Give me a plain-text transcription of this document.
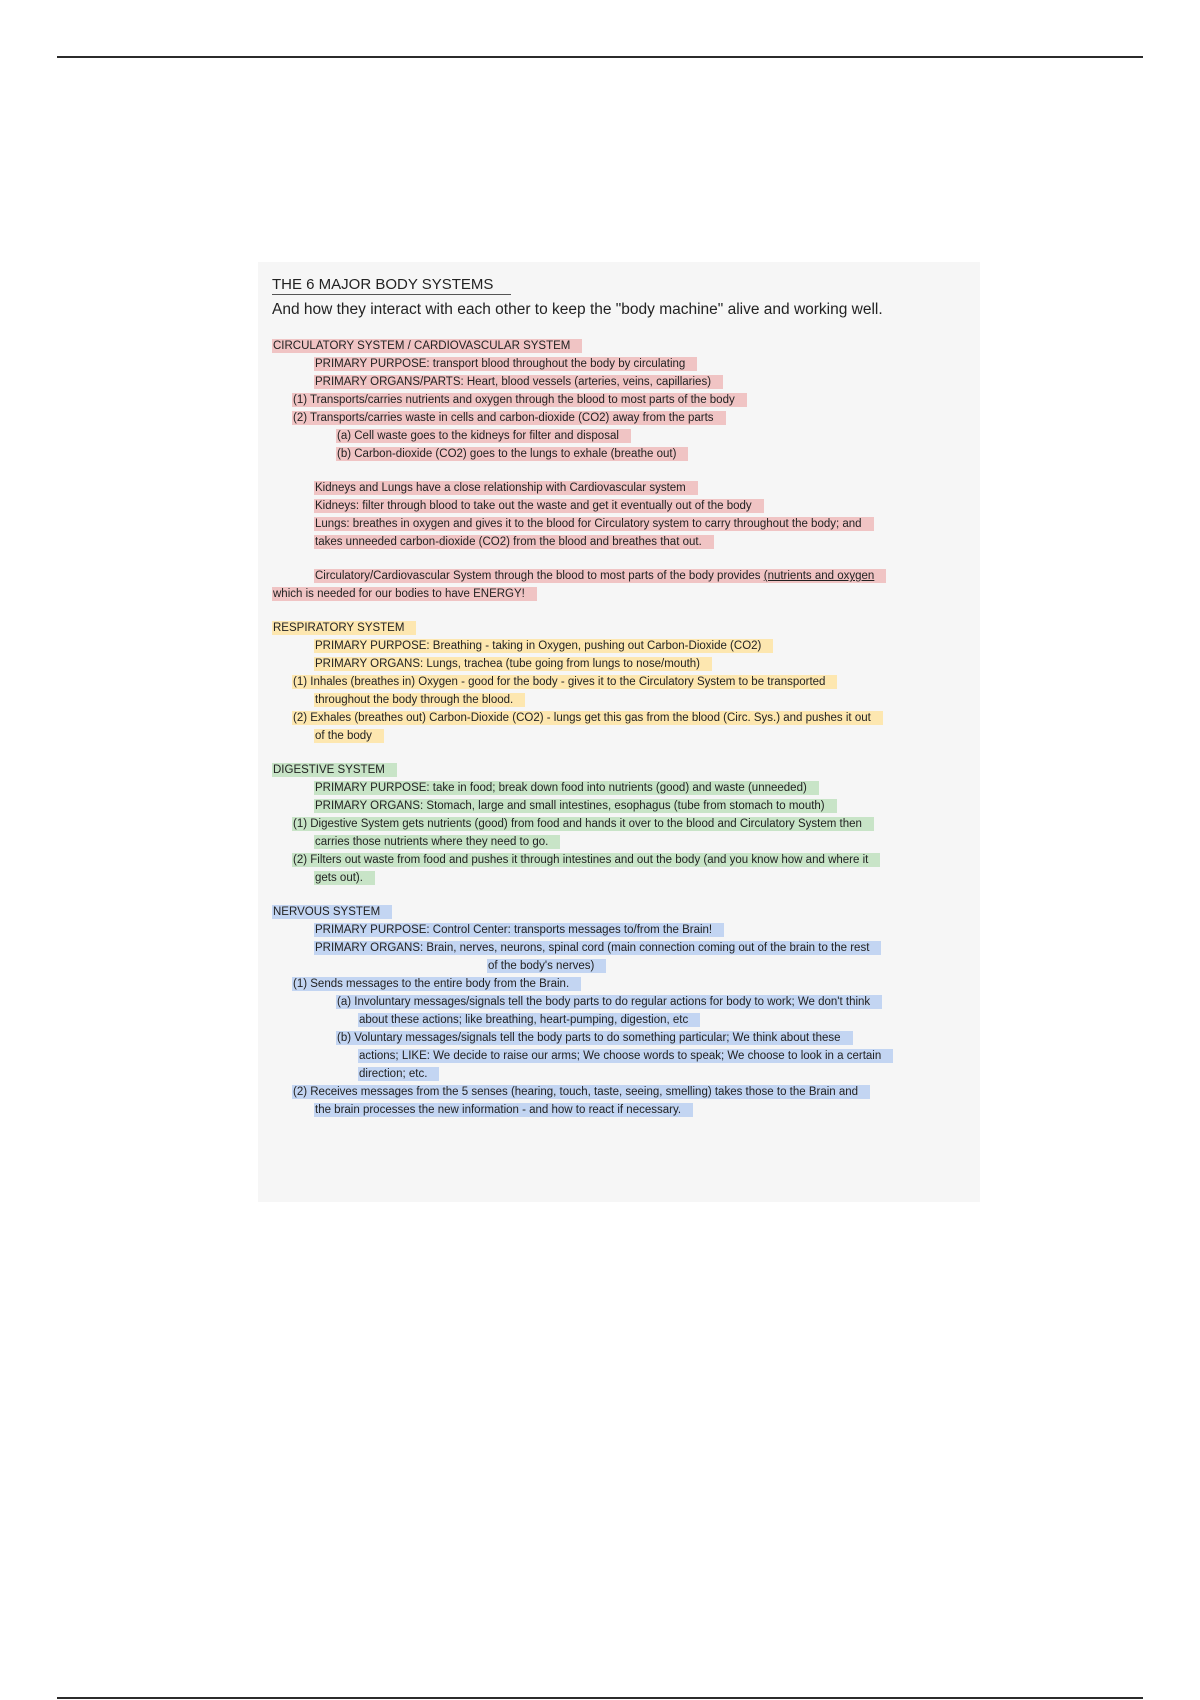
THE 6 MAJOR BODY SYSTEMS
And how they interact with each other to keep the "body machine" alive and working well.
CIRCULATORY SYSTEM / CARDIOVASCULAR SYSTEM
PRIMARY PURPOSE: transport blood throughout the body by circulating
PRIMARY ORGANS/PARTS: Heart, blood vessels (arteries, veins, capillaries)
(1) Transports/carries nutrients and oxygen through the blood to most parts of the body
(2) Transports/carries waste in cells and carbon-dioxide (CO2) away from the parts
(a) Cell waste goes to the kidneys for filter and disposal
(b) Carbon-dioxide (CO2) goes to the lungs to exhale (breathe out)
Kidneys and Lungs have a close relationship with Cardiovascular system
Kidneys: filter through blood to take out the waste and get it eventually out of the body
Lungs: breathes in oxygen and gives it to the blood for Circulatory system to carry throughout the body; and
takes unneeded carbon-dioxide (CO2) from the blood and breathes that out.
Circulatory/Cardiovascular System through the blood to most parts of the body provides (nutrients and oxygen
which is needed for our bodies to have ENERGY!
RESPIRATORY SYSTEM
PRIMARY PURPOSE: Breathing - taking in Oxygen, pushing out Carbon-Dioxide (CO2)
PRIMARY ORGANS: Lungs, trachea (tube going from lungs to nose/mouth)
(1) Inhales (breathes in) Oxygen - good for the body - gives it to the Circulatory System to be transported
throughout the body through the blood.
(2) Exhales (breathes out) Carbon-Dioxide (CO2) - lungs get this gas from the blood (Circ. Sys.) and pushes it out
of the body
DIGESTIVE SYSTEM
PRIMARY PURPOSE: take in food; break down food into nutrients (good) and waste (unneeded)
PRIMARY ORGANS: Stomach, large and small intestines, esophagus (tube from stomach to mouth)
(1) Digestive System gets nutrients (good) from food and hands it over to the blood and Circulatory System then
carries those nutrients where they need to go.
(2) Filters out waste from food and pushes it through intestines and out the body (and you know how and where it
gets out).
NERVOUS SYSTEM
PRIMARY PURPOSE: Control Center: transports messages to/from the Brain!
PRIMARY ORGANS: Brain, nerves, neurons, spinal cord (main connection coming out of the brain to the rest
of the body's nerves)
(1) Sends messages to the entire body from the Brain.
(a) Involuntary messages/signals tell the body parts to do regular actions for body to work; We don't think
about these actions; like breathing, heart-pumping, digestion, etc
(b) Voluntary messages/signals tell the body parts to do something particular; We think about these
actions; LIKE: We decide to raise our arms; We choose words to speak; We choose to look in a certain
direction; etc.
(2) Receives messages from the 5 senses (hearing, touch, taste, seeing, smelling) takes those to the Brain and
the brain processes the new information - and how to react if necessary.
